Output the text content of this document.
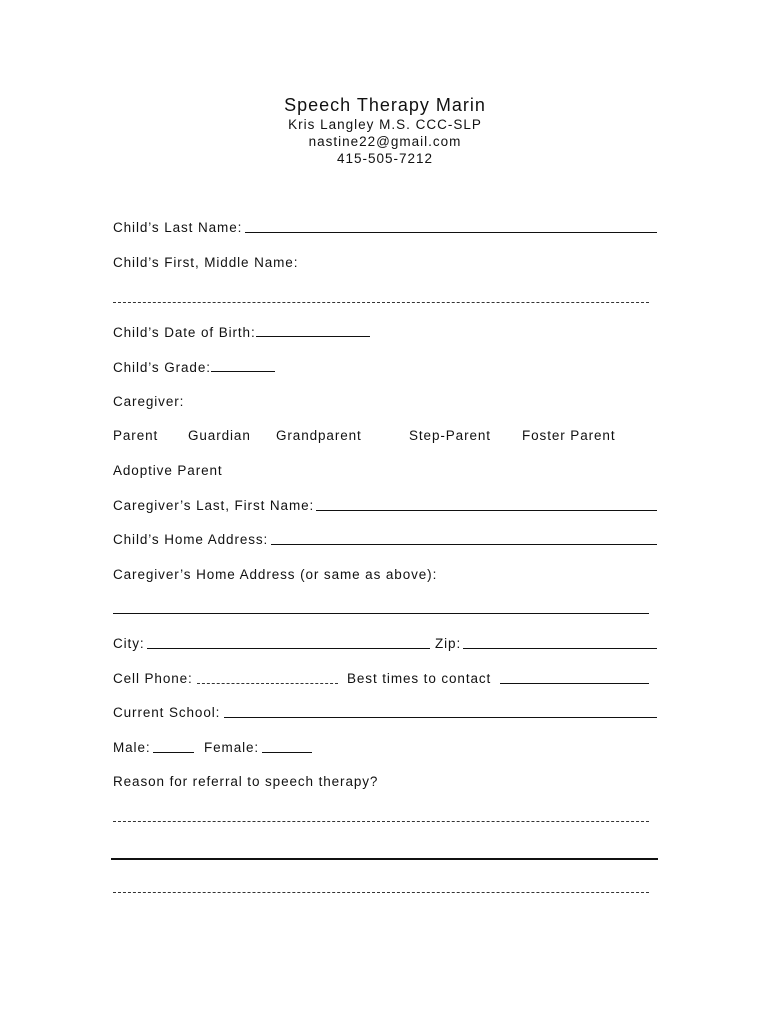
Speech Therapy Marin
Kris Langley M.S. CCC-SLP
nastine22@gmail.com
415-505-7212
Child’s Last Name:
Child’s First, Middle Name:
Child’s Date of Birth:
Child’s Grade:
Caregiver:
Parent Guardian Grandparent	Step-Parent Foster Parent
Adoptive Parent
Caregiver’s Last, First Name:
Child’s Home Address:
Caregiver’s Home Address (or same as above):
City:	Zip:
Cell Phone:	Best times to contact
Current School:
Male:	Female:
Reason for referral to speech therapy?
